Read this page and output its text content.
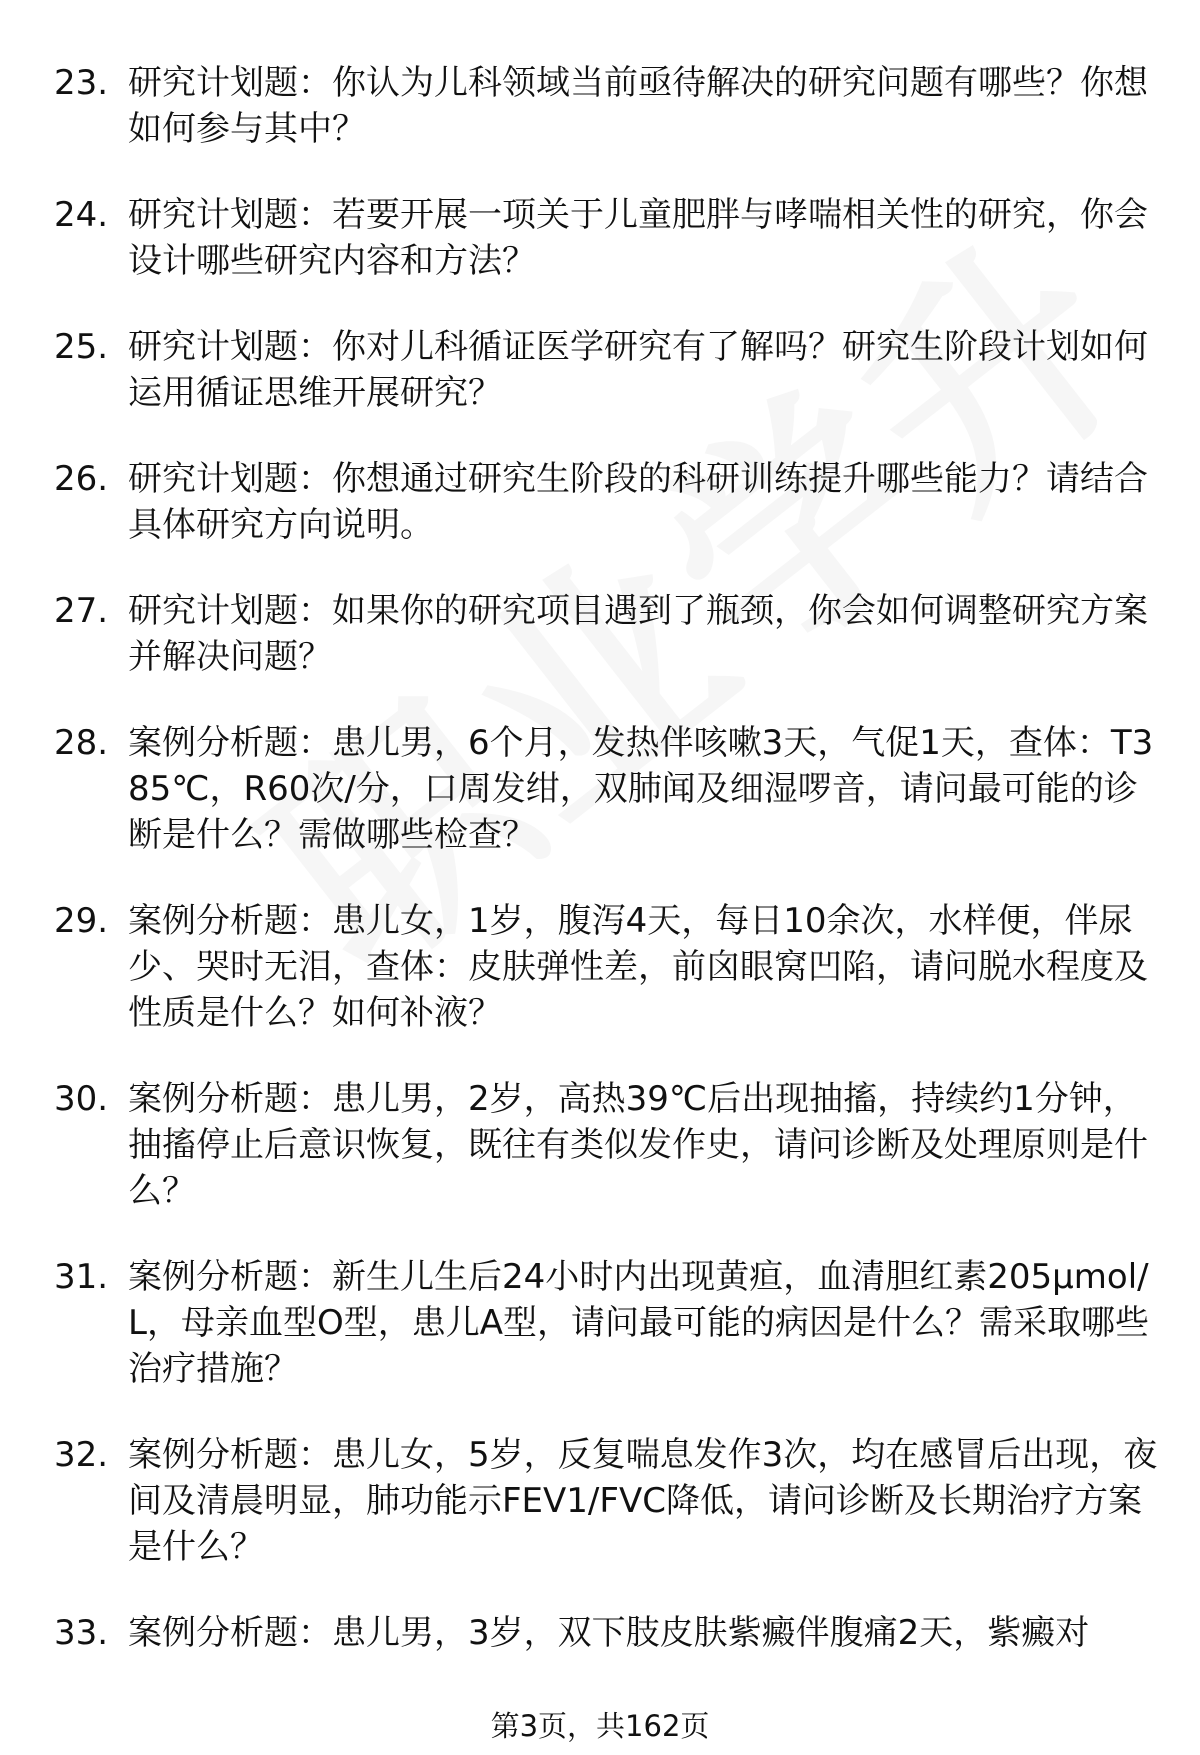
23. 研究计划题：你认为儿科领域当前亟待解决的研究问题有哪些？你想如何参与其中？
24. 研究计划题：若要开展一项关于儿童肥胖与哮喘相关性的研究，你会设计哪些研究内容和方法？
25. 研究计划题：你对儿科循证医学研究有了解吗？研究生阶段计划如何运用循证思维开展研究？
26. 研究计划题：你想通过研究生阶段的科研训练提升哪些能力？请结合具体研究方向说明。
27. 研究计划题：如果你的研究项目遇到了瓶颈，你会如何调整研究方案并解决问题？
28. 案例分析题：患儿男，6个月，发热伴咳嗽3天，气促1天，查体：T385℃，R60次/分，口周发绀，双肺闻及细湿啰音，请问最可能的诊断是什么？需做哪些检查？
29. 案例分析题：患儿女，1岁，腹泻4天，每日10余次，水样便，伴尿少、哭时无泪，查体：皮肤弹性差，前囟眼窝凹陷，请问脱水程度及性质是什么？如何补液？
30. 案例分析题：患儿男，2岁，高热39℃后出现抽搐，持续约1分钟，抽搐停止后意识恢复，既往有类似发作史，请问诊断及处理原则是什么？
31. 案例分析题：新生儿生后24小时内出现黄疸，血清胆红素205μmol/L，母亲血型O型，患儿A型，请问最可能的病因是什么？需采取哪些治疗措施？
32. 案例分析题：患儿女，5岁，反复喘息发作3次，均在感冒后出现，夜间及清晨明显，肺功能示FEV1/FVC降低，请问诊断及长期治疗方案是什么？
33. 案例分析题：患儿男，3岁，双下肢皮肤紫癜伴腹痛2天，紫癜对
第3页，共162页
